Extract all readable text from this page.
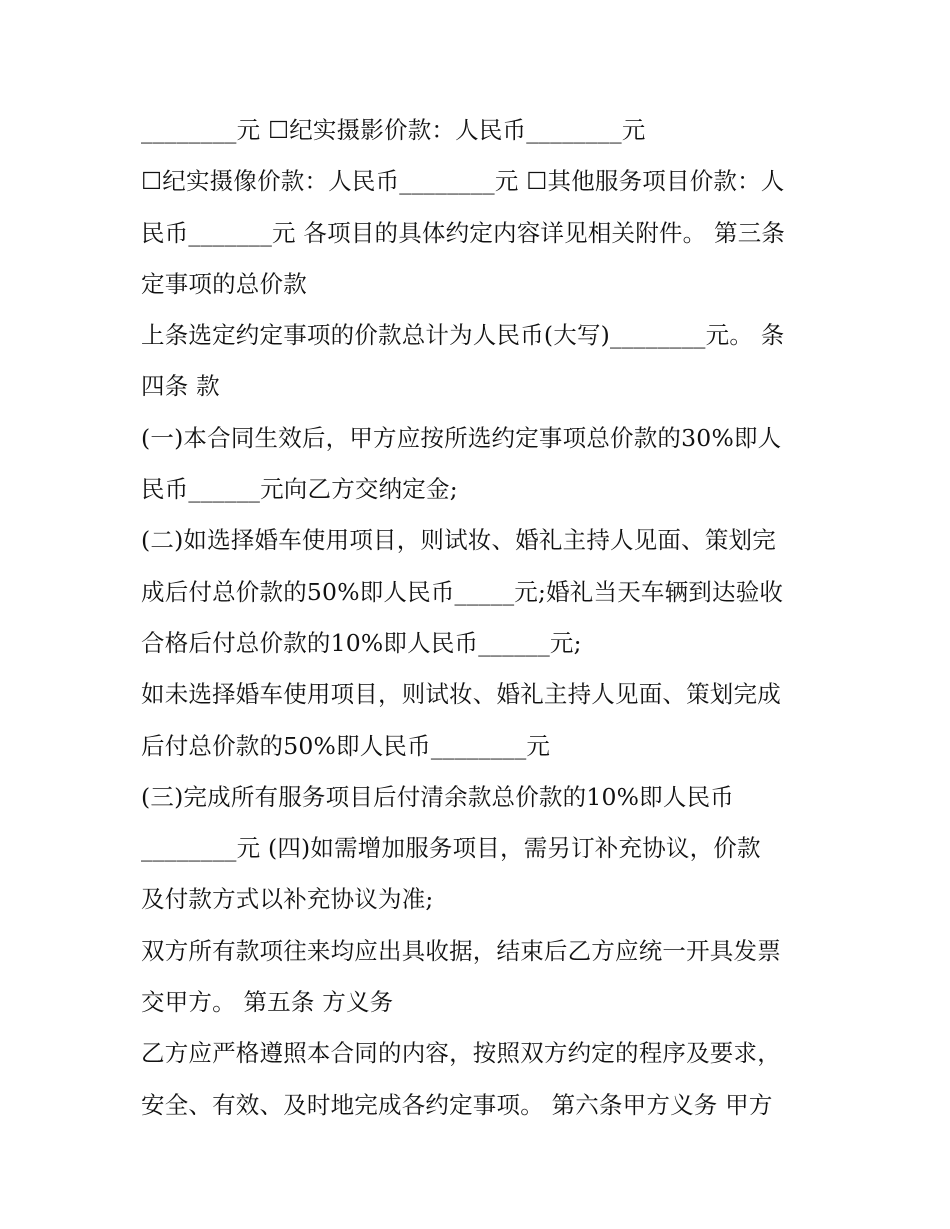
________元 ☐纪实摄影价款：人民币________元
☐纪实摄像价款：人民币________元 ☐其他服务项目价款：人
民币_______元 各项目的具体约定内容详见相关附件。 第三条
定事项的总价款
上条选定约定事项的价款总计为人民币(大写)________元。 条
四条 款
(一)本合同生效后，甲方应按所选约定事项总价款的30%即人
民币______元向乙方交纳定金;
(二)如选择婚车使用项目，则试妆、婚礼主持人见面、策划完
成后付总价款的50%即人民币_____元;婚礼当天车辆到达验收
合格后付总价款的10%即人民币______元;
如未选择婚车使用项目，则试妆、婚礼主持人见面、策划完成
后付总价款的50%即人民币________元
(三)完成所有服务项目后付清余款总价款的10%即人民币
________元 (四)如需增加服务项目，需另订补充协议，价款
及付款方式以补充协议为准;
双方所有款项往来均应出具收据，结束后乙方应统一开具发票
交甲方。 第五条 方义务
乙方应严格遵照本合同的内容，按照双方约定的程序及要求，
安全、有效、及时地完成各约定事项。 第六条甲方义务 甲方
